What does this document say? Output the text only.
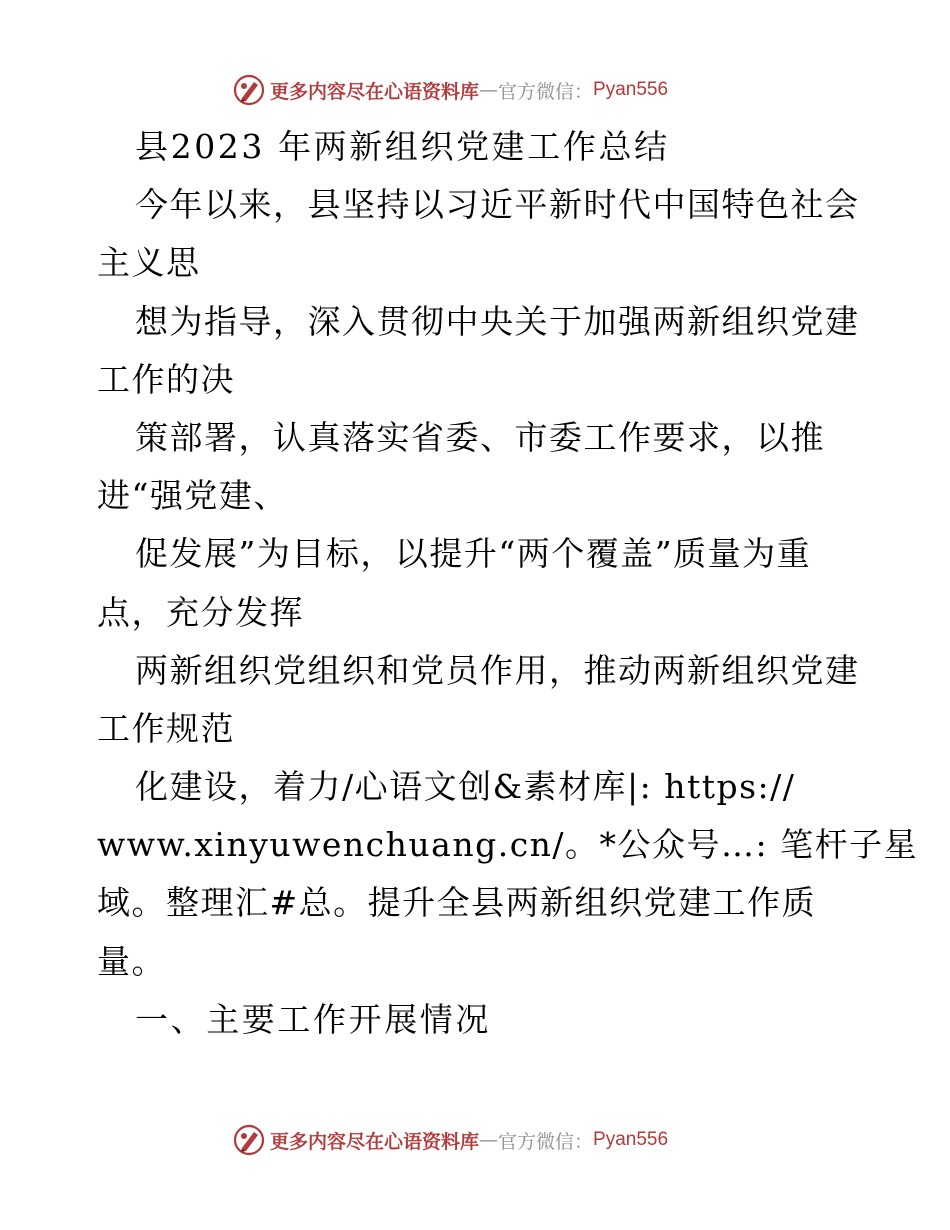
更多内容尽在心语资料库 — 官方微信： Pyan556
县2023 年两新组织党建工作总结
今年以来，县坚持以习近平新时代中国特色社会
主义思
想为指导，深入贯彻中央关于加强两新组织党建
工作的决
策部署，认真落实省委、市委工作要求，以推
进“强党建、
促发展”为目标，以提升“两个覆盖”质量为重
点，充分发挥
两新组织党组织和党员作用，推动两新组织党建
工作规范
化建设，着力/心语文创&素材库|: https://
www.xinyuwenchuang.cn/。*公众号…: 笔杆子星
域。整理汇#总。提升全县两新组织党建工作质
量。
一、主要工作开展情况
更多内容尽在心语资料库 — 官方微信： Pyan556
